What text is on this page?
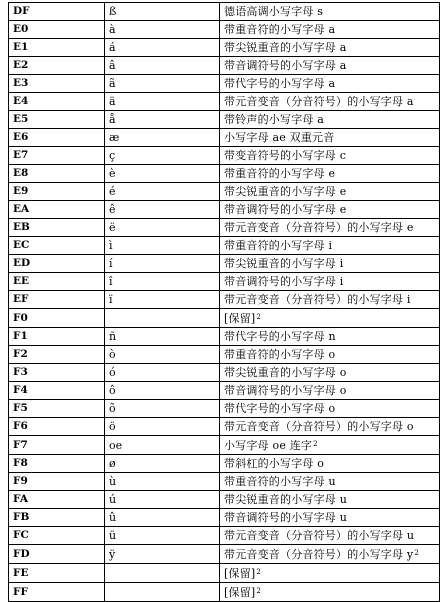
DF	ß	德语高调小写字母 s
E0	à	带重音符的小写字母 a
E1	á	带尖锐重音的小写字母 a
E2	â	带音调符号的小写字母 a
E3	ã	带代字号的小写字母 a
E4	ä	带元音变音（分音符号）的小写字母 a
E5	å	带铃声的小写字母 a
E6	æ	小写字母 ae 双重元音
E7	ç	带变音符号的小写字母 c
E8	è	带重音符的小写字母 e
E9	é	带尖锐重音的小写字母 e
EA	ê	带音调符号的小写字母 e
EB	ë	带元音变音（分音符号）的小写字母 e
EC	ì	带重音符的小写字母 i
ED	í	带尖锐重音的小写字母 i
EE	î	带音调符号的小写字母 i
EF	ï	带元音变音（分音符号）的小写字母 i
F0		[保留]$^2$
F1	ñ	带代字号的小写字母 n
F2	ò	带重音符的小写字母 o
F3	ó	带尖锐重音的小写字母 o
F4	ô	带音调符号的小写字母 o
F5	õ	带代字号的小写字母 o
F6	ö	带元音变音（分音符号）的小写字母 o
F7	oe	小写字母 oe 连字$^2$
F8	ø	带斜杠的小写字母 o
F9	ù	带重音符的小写字母 u
FA	ú	带尖锐重音的小写字母 u
FB	û	带音调符号的小写字母 u
FC	ü	带元音变音（分音符号）的小写字母 u
FD	ÿ	带元音变音（分音符号）的小写字母 $y^2$
FE		[保留]$^2$
FF		[保留]$^2$
